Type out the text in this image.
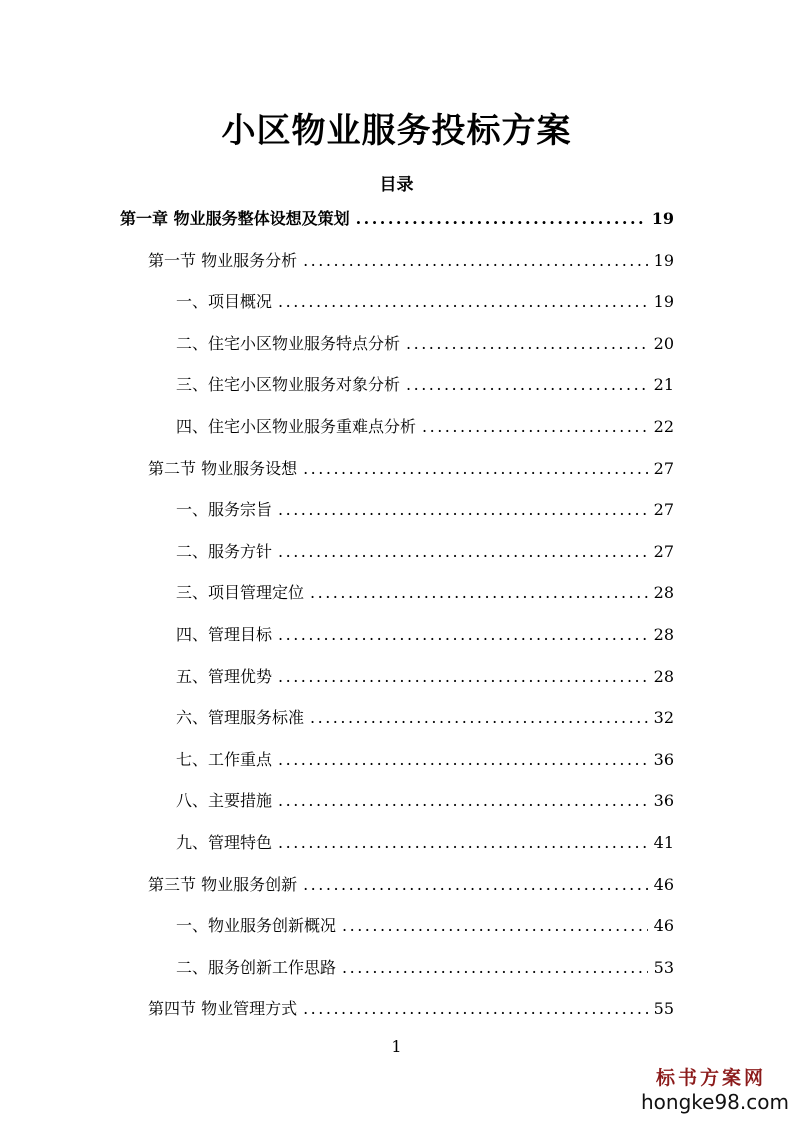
小区物业服务投标方案
目录
第一章 物业服务整体设想及策划 .....	19
第一节 物业服务分析 .....	19
一、项目概况 .....	19
二、住宅小区物业服务特点分析 .....	20
三、住宅小区物业服务对象分析 .....	21
四、住宅小区物业服务重难点分析 .....	22
第二节 物业服务设想 .....	27
一、服务宗旨 .....	27
二、服务方针 .....	27
三、项目管理定位 .....	28
四、管理目标 .....	28
五、管理优势 .....	28
六、管理服务标准 .....	32
七、工作重点 .....	36
八、主要措施 .....	36
九、管理特色 .....	41
第三节 物业服务创新 .....	46
一、物业服务创新概况 .....	46
二、服务创新工作思路 .....	53
第四节 物业管理方式 .....	55
1
标书方案网
hongke98.com
